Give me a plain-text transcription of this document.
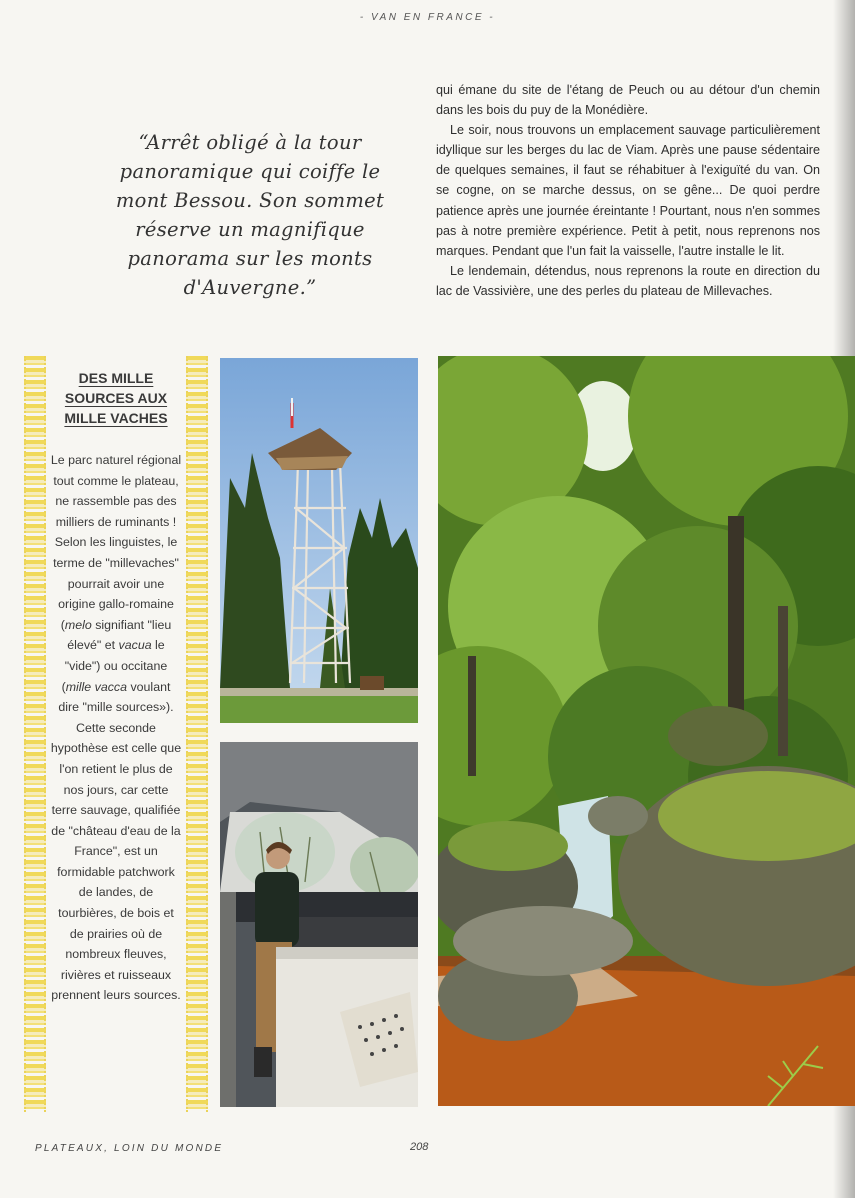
- VAN EN FRANCE -
“Arrêt obligé à la tour panoramique qui coiffe le mont Bessou. Son sommet réserve un magnifique panorama sur les monts d'Auvergne.”

qui émane du site de l'étang de Peuch ou au détour d'un chemin dans les bois du puy de la Monédière.

Le soir, nous trouvons un emplacement sauvage particulièrement idyllique sur les berges du lac de Viam. Après une pause sédentaire de quelques semaines, il faut se réhabituer à l'exiguïté du van. On se cogne, on se marche dessus, on se gêne... De quoi perdre patience après une journée éreintante ! Pourtant, nous n'en sommes pas à notre première expérience. Petit à petit, nous reprenons nos marques. Pendant que l'un fait la vaisselle, l'autre installe le lit.

Le lendemain, détendus, nous reprenons la route en direction du lac de Vassivière, une des perles du plateau de Millevaches.

DES MILLE SOURCES AUX MILLE VACHES
Le parc naturel régional tout comme le plateau, ne rassemble pas des milliers de ruminants ! Selon les linguistes, le terme de "millevaches" pourrait avoir une origine gallo-romaine (melo signifiant "lieu élevé" et vacua le "vide") ou occitane (mille vacca voulant dire "mille sources»). Cette seconde hypothèse est celle que l'on retient le plus de nos jours, car cette terre sauvage, qualifiée de "château d'eau de la France", est un formidable patchwork de landes, de tourbières, de bois et de prairies où de nombreux fleuves, rivières et ruisseaux prennent leurs sources.
PLATEAUX, LOIN DU MONDE	208
